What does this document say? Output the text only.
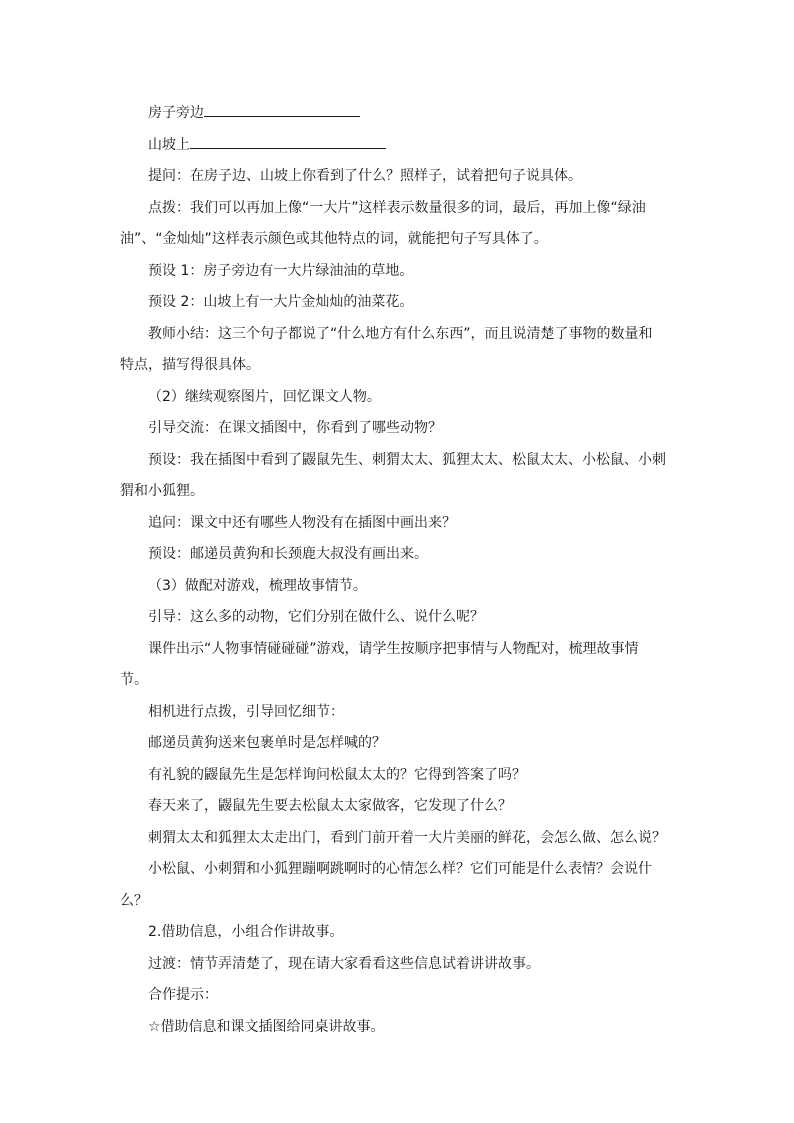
房子旁边

山坡上

提问：在房子边、山坡上你看到了什么？照样子，试着把句子说具体。

点拨：我们可以再加上像“一大片”这样表示数量很多的词，最后，再加上像“绿油油”、“金灿灿”这样表示颜色或其他特点的词，就能把句子写具体了。

预设 1：房子旁边有一大片绿油油的草地。

预设 2：山坡上有一大片金灿灿的油菜花。

教师小结：这三个句子都说了“什么地方有什么东西”，而且说清楚了事物的数量和特点，描写得很具体。

（2）继续观察图片，回忆课文人物。

引导交流：在课文插图中，你看到了哪些动物？

预设：我在插图中看到了鼹鼠先生、刺猬太太、狐狸太太、松鼠太太、小松鼠、小刺猬和小狐狸。

追问：课文中还有哪些人物没有在插图中画出来？

预设：邮递员黄狗和长颈鹿大叔没有画出来。

（3）做配对游戏，梳理故事情节。

引导：这么多的动物，它们分别在做什么、说什么呢？

课件出示“人物事情碰碰碰”游戏，请学生按顺序把事情与人物配对，梳理故事情节。

相机进行点拨，引导回忆细节：

邮递员黄狗送来包裹单时是怎样喊的？

有礼貌的鼹鼠先生是怎样询问松鼠太太的？它得到答案了吗？

春天来了，鼹鼠先生要去松鼠太太家做客，它发现了什么？

刺猬太太和狐狸太太走出门，看到门前开着一大片美丽的鲜花，会怎么做、怎么说？

小松鼠、小刺猬和小狐狸蹦啊跳啊时的心情怎么样？它们可能是什么表情？会说什么？

2.借助信息，小组合作讲故事。

过渡：情节弄清楚了，现在请大家看看这些信息试着讲讲故事。

合作提示：

☆借助信息和课文插图给同桌讲故事。
